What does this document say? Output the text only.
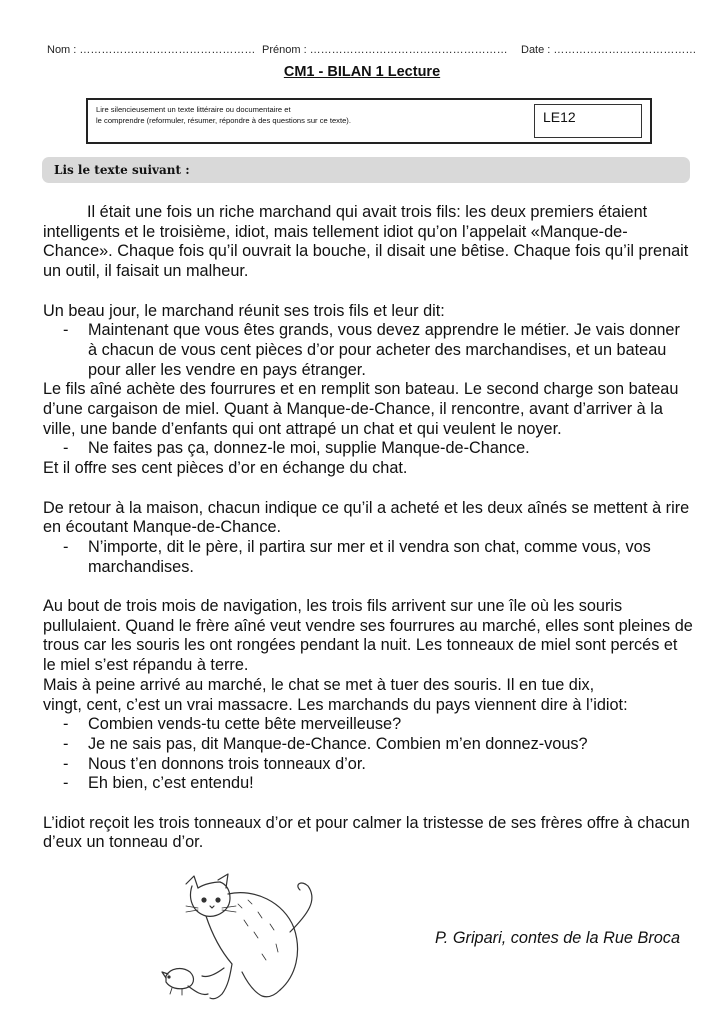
Nom : ………………………………………… Prénom : ……………………………………………… Date : …………………………………
CM1 - BILAN 1 Lecture
Lire silencieusement un texte littéraire ou documentaire et
le comprendre (reformuler, résumer, répondre à des questions sur ce texte).	LE12
Lis le texte suivant :

Il était une fois un riche marchand qui avait trois fils: les deux premiers étaient intelligents et le troisième, idiot, mais tellement idiot qu’on l’appelait «Manque-de-Chance». Chaque fois qu’il ouvrait la bouche, il disait une bêtise. Chaque fois qu’il prenait un outil, il faisait un malheur.

Un beau jour, le marchand réunit ses trois fils et leur dit:

-	Maintenant que vous êtes grands, vous devez apprendre le métier. Je vais donner à chacun de vous cent pièces d’or pour acheter des marchandises, et un bateau pour aller les vendre en pays étranger.

Le fils aîné achète des fourrures et en remplit son bateau. Le second charge son bateau d’une cargaison de miel. Quant à Manque-de-Chance, il rencontre, avant d’arriver à la ville, une bande d’enfants qui ont attrapé un chat et qui veulent le noyer.

-	Ne faites pas ça, donnez-le moi, supplie Manque-de-Chance.

Et il offre ses cent pièces d’or en échange du chat.

De retour à la maison, chacun indique ce qu’il a acheté et les deux aînés se mettent à rire en écoutant Manque-de-Chance.

-	N’importe, dit le père, il partira sur mer et il vendra son chat, comme vous, vos marchandises.

Au bout de trois mois de navigation, les trois fils arrivent sur une île où les souris pullulaient. Quand le frère aîné veut vendre ses fourrures au marché, elles sont pleines de trous car les souris les ont rongées pendant la nuit. Les tonneaux de miel sont percés et le miel s’est répandu à terre.

Mais à peine arrivé au marché, le chat se met à tuer des souris. Il en tue dix,

vingt, cent, c’est un vrai massacre. Les marchands du pays viennent dire à l’idiot:

-	Combien vends-tu cette bête merveilleuse?
-	Je ne sais pas, dit Manque-de-Chance. Combien m’en donnez-vous?
-	Nous t’en donnons trois tonneaux d’or.
-	Eh bien, c’est entendu!

L’idiot reçoit les trois tonneaux d’or et pour calmer la tristesse de ses frères offre à chacun d’eux un tonneau d’or.

P. Gripari, contes de la Rue Broca
